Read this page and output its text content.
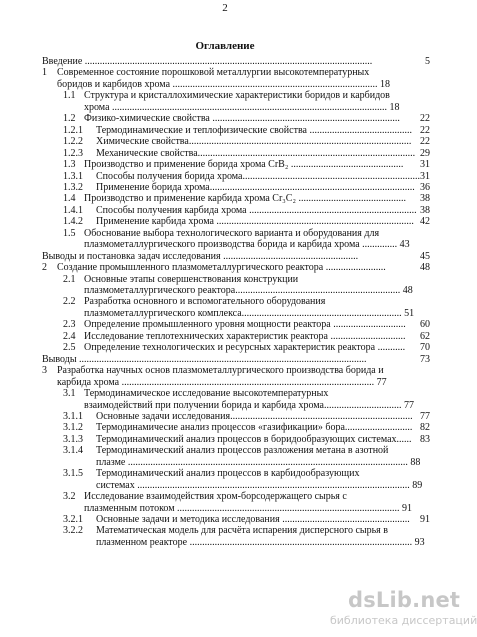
2
Оглавление
Введение ...................................................................................................................	5
1 Современное состояние порошковой металлургии высокотемпературных
боридов и карбидов хрома .................................................................................. 18
1.1 Структура и кристаллохимические характеристики боридов и карбидов
хрома .............................................................................................................. 18
1.2 Физико-химические свойства ...........................................................................	22
1.2.1 Термодинамические и теплофизические свойства ......................................... 22
1.2.2 Химические свойства......................................................................................... 22
1.2.3 Механические свойства....................................................................................... 29
1.3 Производство и применение борида хрома CrB₂ .............................................	31
1.3.1 Способы получения борида хрома....................................................................... 31
1.3.2 Применение борида хрома.................................................................................. 36
1.4 Производство и применение карбида хрома Cr₃C₂ ...........................................	38
1.4.1 Способы получения карбида хрома ................................................................... 38
1.4.2 Применение карбида хрома ............................................................................... 42
1.5 Обоснование выбора технологического варианта и оборудования для
плазмометаллургического производства борида и карбида хрома .............. 43
Выводы и постановка задач исследования ......................................................	45
2 Создание промышленного плазмометаллургического реактора ........................	48
2.1 Основные этапы совершенствования конструкции
плазмометаллургического реактора.................................................................. 48
2.2 Разработка основного и вспомогательного оборудования
плазмометаллургического комплекса................................................................ 51
2.3 Определение промышленного уровня мощности реактора .............................	60
2.4 Исследование теплотехнических характеристик реактора ..............................	62
2.5 Определение технологических и ресурсных характеристик реактора ...........	70
Выводы ...................................................................................................................	73
3 Разработка научных основ плазмометаллургического производства борида и
карбида хрома ..................................................................................................... 77
3.1 Термодинамическое исследование высокотемпературных
взаимодействий при получении борида и карбида хрома............................... 77
3.1.1 Основные задачи исследования......................................................................... 77
3.1.2 Термодинамичесие анализ процессов «газификации» бора........................... 82
3.1.3 Термодинамический анализ процессов в боридообразующих системах...... 83
3.1.4 Термодинамический анализ процессов разложения метана в азотной
плазме ................................................................................................................ 88
3.1.5 Термодинамический анализ процессов в карбидообразующих
системах ............................................................................................................. 89
3.2 Исследование взаимодействия хром-борсодержащего сырья с
плазменным потоком ......................................................................................... 91
3.2.1 Основные задачи и методика исследования ...................................................	91
3.2.2 Математическая модель для расчёта испарения дисперсного сырья в
плазменном реакторе ......................................................................................... 93
dsLib.net
библиотека диссертаций
